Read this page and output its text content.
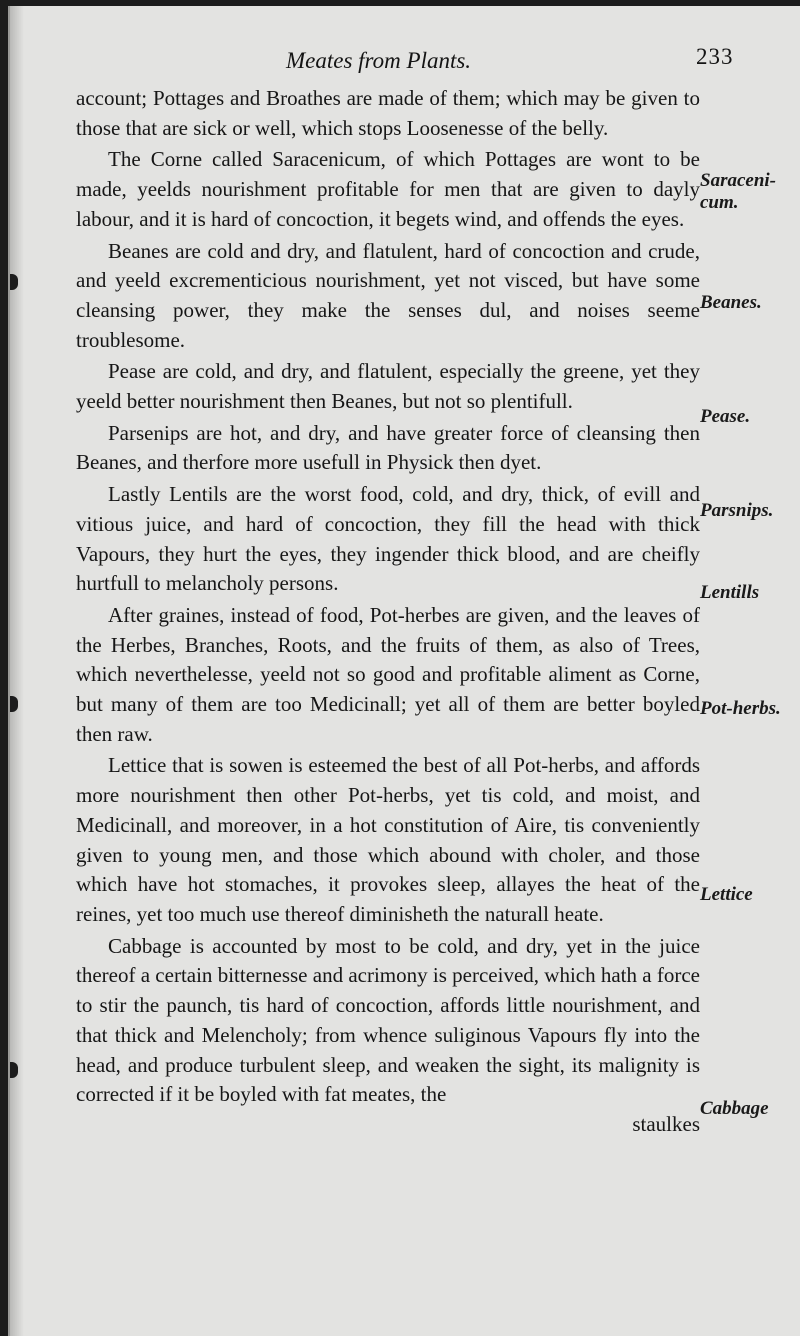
Meates from Plants.	233

account; Pottages and Broathes are made of them; which may be given to those that are sick or well, which stops Loosenesse of the belly.

The Corne called Saracenicum, of which Pottages are wont to be made, yeelds nourishment profitable for men that are given to dayly labour, and it is hard of concoction, it begets wind, and offends the eyes.

Beanes are cold and dry, and flatulent, hard of concoction and crude, and yeeld excrementicious nourishment, yet not visced, but have some cleansing power, they make the senses dul, and noises seeme troublesome.

Pease are cold, and dry, and flatulent, especially the greene, yet they yeeld better nourishment then Beanes, but not so plentifull.

Parsenips are hot, and dry, and have greater force of cleansing then Beanes, and therfore more usefull in Physick then dyet.

Lastly Lentils are the worst food, cold, and dry, thick, of evill and vitious juice, and hard of concoction, they fill the head with thick Vapours, they hurt the eyes, they ingender thick blood, and are cheifly hurtfull to melancholy persons.

After graines, instead of food, Pot-herbes are given, and the leaves of the Herbes, Branches, Roots, and the fruits of them, as also of Trees, which neverthelesse, yeeld not so good and profitable aliment as Corne, but many of them are too Medicinall; yet all of them are better boyled then raw.

Lettice that is sowen is esteemed the best of all Pot-herbs, and affords more nourishment then other Pot-herbs, yet tis cold, and moist, and Medicinall, and moreover, in a hot constitution of Aire, tis conveniently given to young men, and those which abound with choler, and those which have hot stomaches, it provokes sleep, allayes the heat of the reines, yet too much use thereof diminisheth the naturall heate.

Cabbage is accounted by most to be cold, and dry, yet in the juice thereof a certain bitternesse and acrimony is perceived, which hath a force to stir the paunch, tis hard of concoction, affords little nourishment, and that thick and Melencholy; from whence suliginous Vapours fly into the head, and produce turbulent sleep, and weaken the sight, its malignity is corrected if it be boyled with fat meates, the

staulkes
Saraceni-cum.
Beanes.
Pease.
Parsnips.
Lentills
Pot-herbs.
Lettice
Cabbage
